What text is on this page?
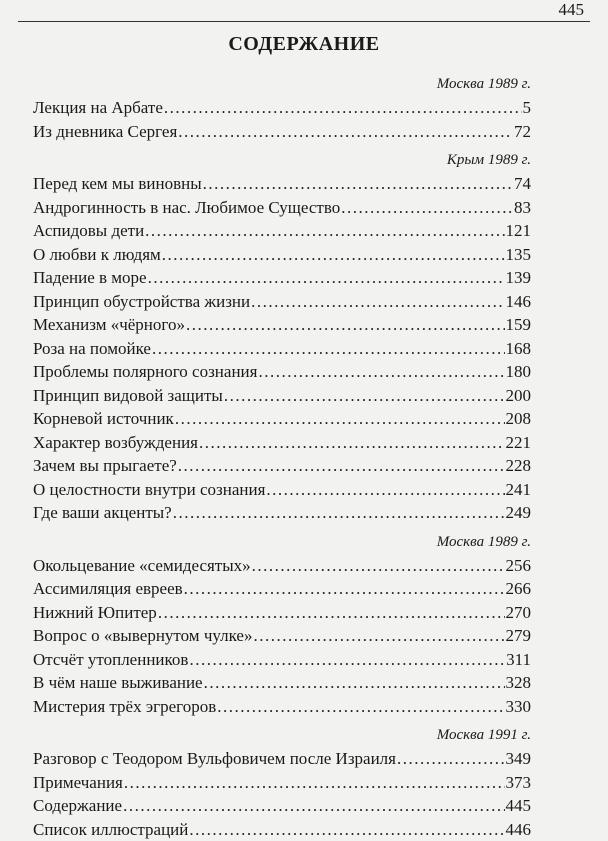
445
СОДЕРЖАНИЕ
Москва 1989 г.
Лекция на Арбате .....	5
Из дневника Сергея .....	72
Крым 1989 г.
Перед кем мы виновны .....	74
Андрогинность в нас. Любимое Существо .....	83
Аспидовы дети .....	121
О любви к людям .....	135
Падение в море .....	139
Принцип обустройства жизни .....	146
Механизм «чёрного» .....	159
Роза на помойке .....	168
Проблемы полярного сознания .....	180
Принцип видовой защиты .....	200
Корневой источник .....	208
Характер возбуждения .....	221
Зачем вы прыгаете? .....	228
О целостности внутри сознания .....	241
Где ваши акценты? .....	249
Москва 1989 г.
Окольцевание «семидесятых» .....	256
Ассимиляция евреев .....	266
Нижний Юпитер .....	270
Вопрос о «вывернутом чулке» .....	279
Отсчёт утопленников .....	311
В чём наше выживание .....	328
Мистерия трёх эгрегоров .....	330
Москва 1991 г.
Разговор с Теодором Вульфовичем после Израиля .....	349
Примечания .....	373
Содержание .....	445
Список иллюстраций .....	446
